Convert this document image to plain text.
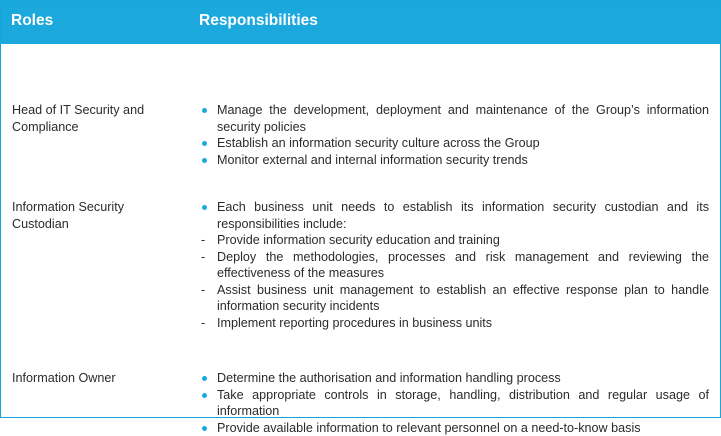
Roles	Responsibilities
Head of IT Security and Compliance
Manage the development, deployment and maintenance of the Group’s information security policies
Establish an information security culture across the Group
Monitor external and internal information security trends
Information Security Custodian
Each business unit needs to establish its information security custodian and its responsibilities include:
- Provide information security education and training
- Deploy the methodologies, processes and risk management and reviewing the effectiveness of the measures
- Assist business unit management to establish an effective response plan to handle information security incidents
- Implement reporting procedures in business units
Information Owner	Determine the authorisation and information handling process
Take appropriate controls in storage, handling, distribution and regular usage of information
Provide available information to relevant personnel on a need-to-know basis
